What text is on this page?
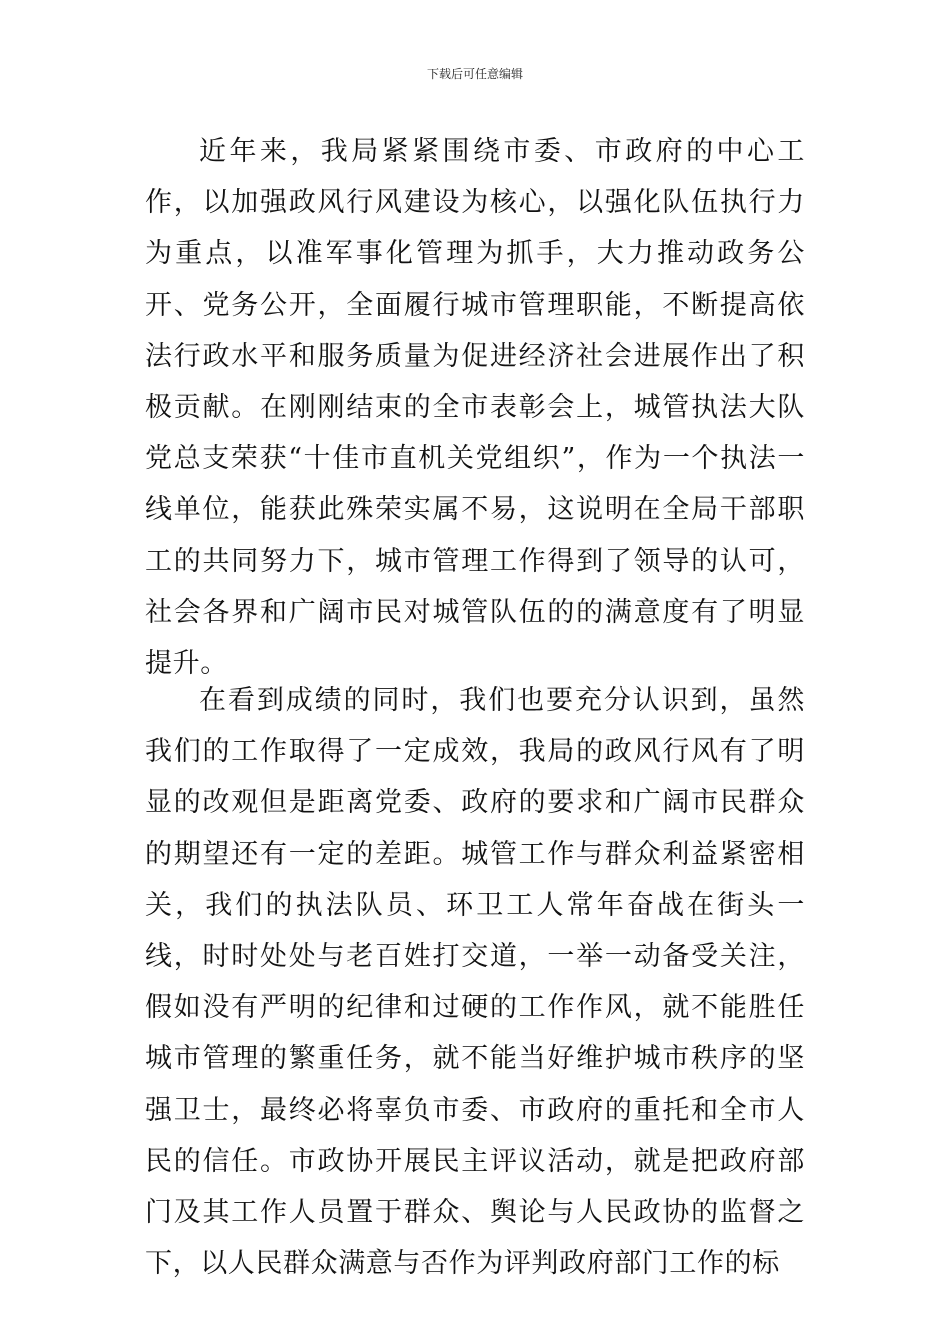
下载后可任意编辑

近年来，我局紧紧围绕市委、市政府的中心工作，以加强政风行风建设为核心，以强化队伍执行力为重点，以准军事化管理为抓手，大力推动政务公开、党务公开，全面履行城市管理职能，不断提高依法行政水平和服务质量为促进经济社会进展作出了积极贡献。在刚刚结束的全市表彰会上，城管执法大队党总支荣获“十佳市直机关党组织”，作为一个执法一线单位，能获此殊荣实属不易，这说明在全局干部职工的共同努力下，城市管理工作得到了领导的认可，社会各界和广阔市民对城管队伍的的满意度有了明显提升。

在看到成绩的同时，我们也要充分认识到，虽然我们的工作取得了一定成效，我局的政风行风有了明显的改观但是距离党委、政府的要求和广阔市民群众的期望还有一定的差距。城管工作与群众利益紧密相关，我们的执法队员、环卫工人常年奋战在街头一线，时时处处与老百姓打交道，一举一动备受关注，假如没有严明的纪律和过硬的工作作风，就不能胜任城市管理的繁重任务，就不能当好维护城市秩序的坚强卫士，最终必将辜负市委、市政府的重托和全市人民的信任。市政协开展民主评议活动，就是把政府部门及其工作人员置于群众、舆论与人民政协的监督之下，以人民群众满意与否作为评判政府部门工作的标
